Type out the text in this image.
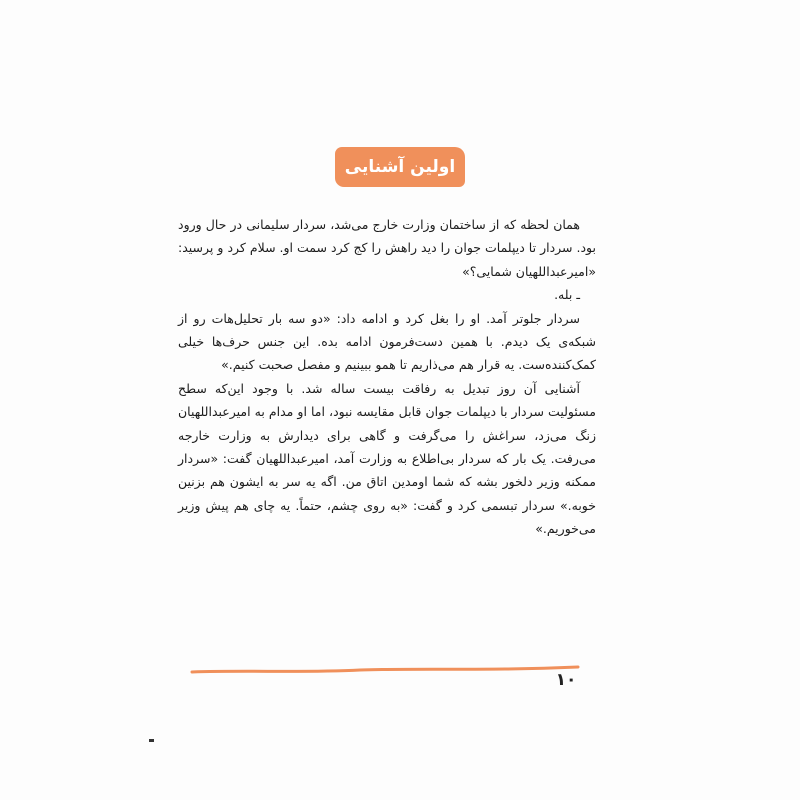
اولین آشنایی

همان لحظه که از ساختمان وزارت خارج می‌شد، سردار سلیمانی در حال ورود بود. سردار تا دیپلمات جوان را دید راهش را کج کرد سمت او. سلام کرد و پرسید: «امیرعبداللهیان شمایی؟»

ـ بله.

سردار جلوتر آمد. او را بغل کرد و ادامه داد: «دو سه بار تحلیل‌هات رو از شبکه‌ی یک دیدم. با همین دست‌فرمون ادامه بده. این جنس حرف‌ها خیلی کمک‌کننده‌ست. یه قرار هم می‌ذاریم تا همو ببینیم و مفصل صحبت کنیم.»

آشنایی آن روز تبدیل به رفاقت بیست ساله شد. با وجود این‌که سطح مسئولیت سردار با دیپلمات جوان قابل مقایسه نبود، اما او مدام به امیرعبداللهیان زنگ می‌زد، سراغش را می‌گرفت و گاهی برای دیدارش به وزارت خارجه می‌رفت. یک بار که سردار بی‌اطلاع به وزارت آمد، امیرعبداللهیان گفت: «سردار ممکنه وزیر دلخور بشه که شما اومدین اتاق من. اگه یه سر به ایشون هم بزنین خوبه.» سردار تبسمی کرد و گفت: «به روی چشم، حتماً. یه چای هم پیش وزیر می‌خوریم.»

۱۰
